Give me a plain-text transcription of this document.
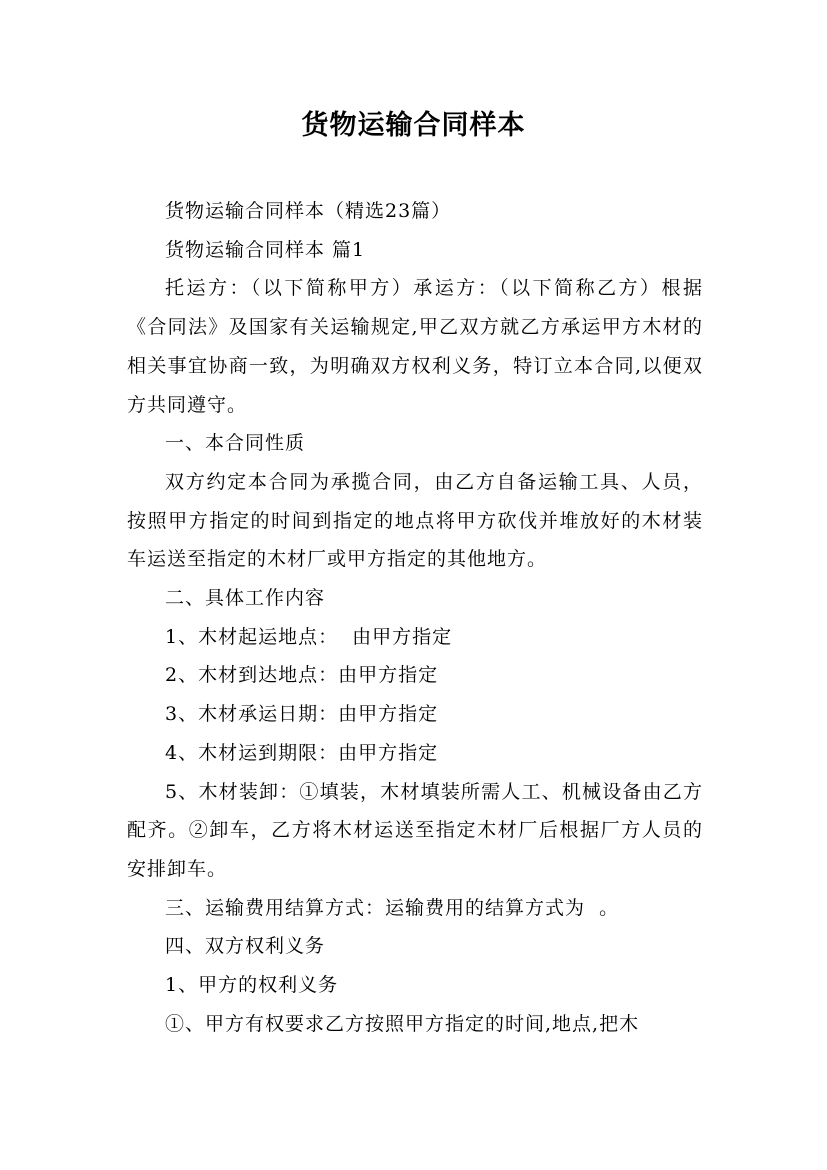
货物运输合同样本

货物运输合同样本（精选23篇）

货物运输合同样本 篇1

托运方：（以下简称甲方）承运方：（以下简称乙方）根据《合同法》及国家有关运输规定,甲乙双方就乙方承运甲方木材的相关事宜协商一致，为明确双方权利义务，特订立本合同,以便双方共同遵守。

一、本合同性质

双方约定本合同为承揽合同，由乙方自备运输工具、人员，按照甲方指定的时间到指定的地点将甲方砍伐并堆放好的木材装车运送至指定的木材厂或甲方指定的其他地方。

二、具体工作内容

1、木材起运地点：  由甲方指定

2、木材到达地点：由甲方指定

3、木材承运日期：由甲方指定

4、木材运到期限：由甲方指定

5、木材装卸：①填装，木材填装所需人工、机械设备由乙方配齐。②卸车，乙方将木材运送至指定木材厂后根据厂方人员的安排卸车。

三、运输费用结算方式：运输费用的结算方式为  。

四、双方权利义务

1、甲方的权利义务

①、甲方有权要求乙方按照甲方指定的时间,地点,把木
